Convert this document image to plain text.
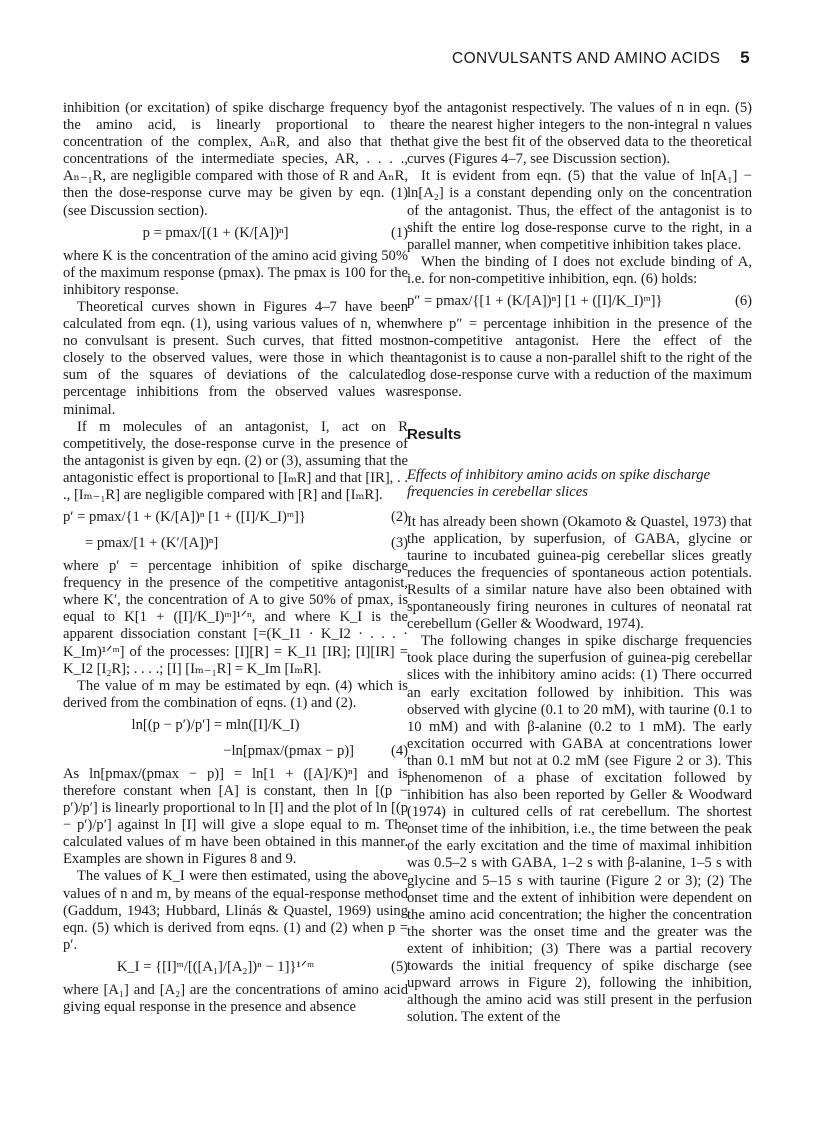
CONVULSANTS AND AMINO ACIDS 5

inhibition (or excitation) of spike discharge frequency by the amino acid, is linearly proportional to the concentration of the complex, AₙR, and also that the concentrations of the intermediate species, AR, . . . ., Aₙ₋₁R, are negligible compared with those of R and AₙR, then the dose-response curve may be given by eqn. (1) (see Discussion section).

p = pmax/[(1 + (K/[A])ⁿ]	(1)

where K is the concentration of the amino acid giving 50% of the maximum response (pmax). The pmax is 100 for the inhibitory response.

Theoretical curves shown in Figures 4–7 have been calculated from eqn. (1), using various values of n, when no convulsant is present. Such curves, that fitted most closely to the observed values, were those in which the sum of the squares of deviations of the calculated percentage inhibitions from the observed values was minimal.

If m molecules of an antagonist, I, act on R competitively, the dose-response curve in the presence of the antagonist is given by eqn. (2) or (3), assuming that the antagonistic effect is proportional to [IₘR] and that [IR], . . ., [Iₘ₋₁R] are negligible compared with [R] and [IₘR].

p′ = pmax/{1 + (K/[A])ⁿ [1 + ([I]/K_I)ᵐ]}	(2)
= pmax/[1 + (K′/[A])ⁿ]	(3)

where p′ = percentage inhibition of spike discharge frequency in the presence of the competitive antagonist, where K′, the concentration of A to give 50% of pmax, is equal to K[1 + ([I]/K_I)ᵐ]¹ᐟⁿ, and where K_I is the apparent dissociation constant [=(K_I1 · K_I2 · . . . · K_Im)¹ᐟᵐ] of the processes: [I][R] = K_I1 [IR]; [I][IR] = K_I2 [I₂R]; . . . .; [I] [Iₘ₋₁R] = K_Im [IₘR].

The value of m may be estimated by eqn. (4) which is derived from the combination of eqns. (1) and (2).

ln[(p − p′)/p′] = mln([I]/K_I)
−ln[pmax/(pmax − p)]	(4)

As ln[pmax/(pmax − p)] = ln[1 + ([A]/K)ⁿ] and is therefore constant when [A] is constant, then ln [(p − p′)/p′] is linearly proportional to ln [I] and the plot of ln [(p − p′)/p′] against ln [I] will give a slope equal to m. The calculated values of m have been obtained in this manner. Examples are shown in Figures 8 and 9.

The values of K_I were then estimated, using the above values of n and m, by means of the equal-response method (Gaddum, 1943; Hubbard, Llinás & Quastel, 1969) using eqn. (5) which is derived from eqns. (1) and (2) when p = p′.

K_I = {[I]ᵐ/[([A₁]/[A₂])ⁿ − 1]}¹ᐟᵐ	(5)

where [A₁] and [A₂] are the concentrations of amino acid giving equal response in the presence and absence

of the antagonist respectively. The values of n in eqn. (5) are the nearest higher integers to the non-integral n values that give the best fit of the observed data to the theoretical curves (Figures 4–7, see Discussion section).

It is evident from eqn. (5) that the value of ln[A₁] − ln[A₂] is a constant depending only on the concentration of the antagonist. Thus, the effect of the antagonist is to shift the entire log dose-response curve to the right, in a parallel manner, when competitive inhibition takes place.

When the binding of I does not exclude binding of A, i.e. for non-competitive inhibition, eqn. (6) holds:

p″ = pmax/{[1 + (K/[A])ⁿ] [1 + ([I]/K_I)ᵐ]}	(6)

where p″ = percentage inhibition in the presence of the non-competitive antagonist. Here the effect of the antagonist is to cause a non-parallel shift to the right of the log dose-response curve with a reduction of the maximum response.

Results

Effects of inhibitory amino acids on spike discharge frequencies in cerebellar slices

It has already been shown (Okamoto & Quastel, 1973) that the application, by superfusion, of GABA, glycine or taurine to incubated guinea-pig cerebellar slices greatly reduces the frequencies of spontaneous action potentials. Results of a similar nature have also been obtained with spontaneously firing neurones in cultures of neonatal rat cerebellum (Geller & Woodward, 1974).

The following changes in spike discharge frequencies took place during the superfusion of guinea-pig cerebellar slices with the inhibitory amino acids: (1) There occurred an early excitation followed by inhibition. This was observed with glycine (0.1 to 20 mM), with taurine (0.1 to 10 mM) and with β-alanine (0.2 to 1 mM). The early excitation occurred with GABA at concentrations lower than 0.1 mM but not at 0.2 mM (see Figure 2 or 3). This phenomenon of a phase of excitation followed by inhibition has also been reported by Geller & Woodward (1974) in cultured cells of rat cerebellum. The shortest onset time of the inhibition, i.e., the time between the peak of the early excitation and the time of maximal inhibition was 0.5–2 s with GABA, 1–2 s with β-alanine, 1–5 s with glycine and 5–15 s with taurine (Figure 2 or 3); (2) The onset time and the extent of inhibition were dependent on the amino acid concentration; the higher the concentration the shorter was the onset time and the greater was the extent of inhibition; (3) There was a partial recovery towards the initial frequency of spike discharge (see upward arrows in Figure 2), following the inhibition, although the amino acid was still present in the perfusion solution. The extent of the
